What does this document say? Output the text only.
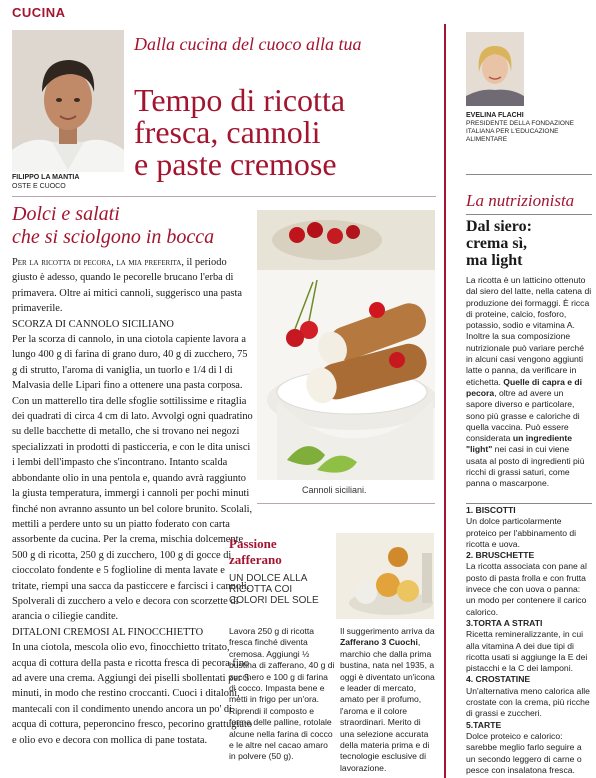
CUCINA
FILIPPO LA MANTIA
OSTE E CUOCO
Dalla cucina del cuoco alla tua
Tempo di ricotta
fresca, cannoli
e paste cremose
Dolci e salati
che si sciolgono in bocca

Per la ricotta di pecora, la mia preferita, il periodo giusto è adesso, quando le pecorelle brucano l'erba di primavera. Oltre ai mitici cannoli, suggerisco una pasta primaverile.

SCORZA DI CANNOLO SICILIANO

Per la scorza di cannolo, in una ciotola capiente lavora a lungo 400 g di farina di grano duro, 40 g di zucchero, 75 g di strutto, l'aroma di vaniglia, un tuorlo e 1/4 di l di Malvasia delle Lipari fino a ottenere una pasta corposa. Con un matterello tira delle sfoglie sottilissime e ritaglia dei quadrati di circa 4 cm di lato. Avvolgi ogni quadratino su delle bacchette di metallo, che si trovano nei negozi specializzati in prodotti di pasticceria, e con le dita unisci i lembi dell'impasto che s'incontrano. Intanto scalda abbondante olio in una pentola e, quando avrà raggiunto la giusta temperatura, immergi i cannoli per pochi minuti finché non avranno assunto un bel colore brunito. Scolali, mettili a perdere unto su un piatto foderato con carta assorbente da cucina. Per la crema, mischia dolcemente 500 g di ricotta, 250 g di zucchero, 100 g di gocce di cioccolato fondente e 5 foglioline di menta lavate e tritate, riempi una sacca da pasticcere e farcisci i cannoli. Spolverali di zucchero a velo e decora con scorzette di arancia o ciliegie candite.

DITALONI CREMOSI AL FINOCCHIETTO

In una ciotola, mescola olio evo, finocchietto tritato, acqua di cottura della pasta e ricotta fresca di pecora fino ad avere una crema. Aggiungi dei piselli sbollentati per 5 minuti, in modo che restino croccanti. Cuoci i ditaloni, mantecali con il condimento unendo ancora un po' di acqua di cottura, peperoncino fresco, pecorino grattugiato e olio evo e decora con mollica di pane tostata.

Cannoli siciliani.
Passione
zafferano
UN DOLCE ALLA RICOTTA COI COLORI DEL SOLE
Lavora 250 g di ricotta fresca finché diventa cremosa. Aggiungi ½ bustina di zafferano, 40 g di zucchero e 100 g di farina di cocco. Impasta bene e metti in frigo per un'ora. Riprendi il composto e forma delle palline, rotolale alcune nella farina di cocco e le altre nel cacao amaro in polvere (50 g).
Il suggerimento arriva da Zafferano 3 Cuochi, marchio che dalla prima bustina, nata nel 1935, a oggi è diventato un'icona e leader di mercato, amato per il profumo, l'aroma e il colore straordinari. Merito di una selezione accurata della materia prima e di tecnologie esclusive di lavorazione.
EVELINA FLACHI
PRESIDENTE DELLA FONDAZIONE ITALIANA PER L'EDUCAZIONE ALIMENTARE
La nutrizionista
Dal siero:
crema sì,
ma light
La ricotta è un latticino ottenuto dal siero del latte, nella catena di produzione dei formaggi. È ricca di proteine, calcio, fosforo, potassio, sodio e vitamina A. Inoltre la sua composizione nutrizionale può variare perché in alcuni casi vengono aggiunti latte o panna, da verificare in etichetta. Quelle di capra e di pecora, oltre ad avere un sapore diverso e particolare, sono più grasse e caloriche di quella vaccina. Può essere considerata un ingrediente "light" nei casi in cui viene usata al posto di ingredienti più ricchi di grassi saturi, come panna o mascarpone.
1. BISCOTTI
Un dolce particolarmente proteico per l'abbinamento di ricotta e uova.
2. BRUSCHETTE
La ricotta associata con pane al posto di pasta frolla e con frutta invece che con uova o panna: un modo per contenere il carico calorico.
3.TORTA A STRATI
Ricetta remineralizzante, in cui alla vitamina A dei due tipi di ricotta usati si aggiunge la E dei pistacchi e la C dei lamponi.
4. CROSTATINE
Un'alternativa meno calorica alle crostate con la crema, più ricche di grassi e zuccheri.
5.TARTE
Dolce proteico e calorico: sarebbe meglio farlo seguire a un secondo leggero di carne o pesce con insalatona fresca.
